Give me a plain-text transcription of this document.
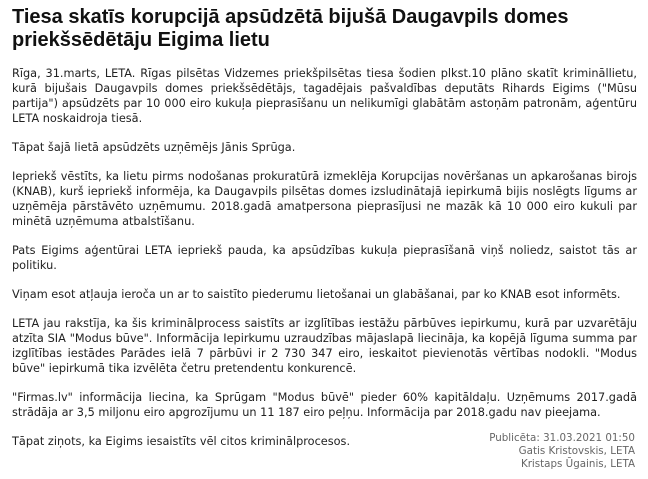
Tiesa skatīs korupcijā apsūdzētā bijušā Daugavpils domes priekšsēdētāju Eigima lietu

Rīga, 31.marts, LETA. Rīgas pilsētas Vidzemes priekšpilsētas tiesa šodien plkst.10 plāno skatīt krimināllietu, kurā bijušais Daugavpils domes priekšsēdētājs, tagadējais pašvaldības deputāts Rihards Eigims ("Mūsu partija") apsūdzēts par 10 000 eiro kukuļa pieprasīšanu un nelikumīgi glabātām astoņām patronām, aģentūru LETA noskaidroja tiesā.

Tāpat šajā lietā apsūdzēts uzņēmējs Jānis Sprūga.

Iepriekš vēstīts, ka lietu pirms nodošanas prokuratūrā izmeklēja Korupcijas novēršanas un apkarošanas birojs (KNAB), kurš iepriekš informēja, ka Daugavpils pilsētas domes izsludinātajā iepirkumā bijis noslēgts līgums ar uzņēmēja pārstāvēto uzņēmumu. 2018.gadā amatpersona pieprasījusi ne mazāk kā 10 000 eiro kukuli par minētā uzņēmuma atbalstīšanu.

Pats Eigims aģentūrai LETA iepriekš pauda, ka apsūdzības kukuļa pieprasīšanā viņš noliedz, saistot tās ar politiku.

Viņam esot atļauja ieroča un ar to saistīto piederumu lietošanai un glabāšanai, par ko KNAB esot informēts.

LETA jau rakstīja, ka šis kriminālprocess saistīts ar izglītības iestāžu pārbūves iepirkumu, kurā par uzvarētāju atzīta SIA "Modus būve". Informācija Iepirkumu uzraudzības mājaslapā liecināja, ka kopējā līguma summa par izglītības iestādes Parādes ielā 7 pārbūvi ir 2 730 347 eiro, ieskaitot pievienotās vērtības nodokli. "Modus būve" iepirkumā tika izvēlēta četru pretendentu konkurencē.

"Firmas.lv" informācija liecina, ka Sprūgam "Modus būvē" pieder 60% kapitāldaļu. Uzņēmums 2017.gadā strādāja ar 3,5 miljonu eiro apgrozījumu un 11 187 eiro peļņu. Informācija par 2018.gadu nav pieejama.

Tāpat ziņots, ka Eigims iesaistīts vēl citos kriminālprocesos.	Publicēta: 31.03.2021 01:50
Gatis Kristovskis, LETA
Kristaps Ūgainis, LETA
